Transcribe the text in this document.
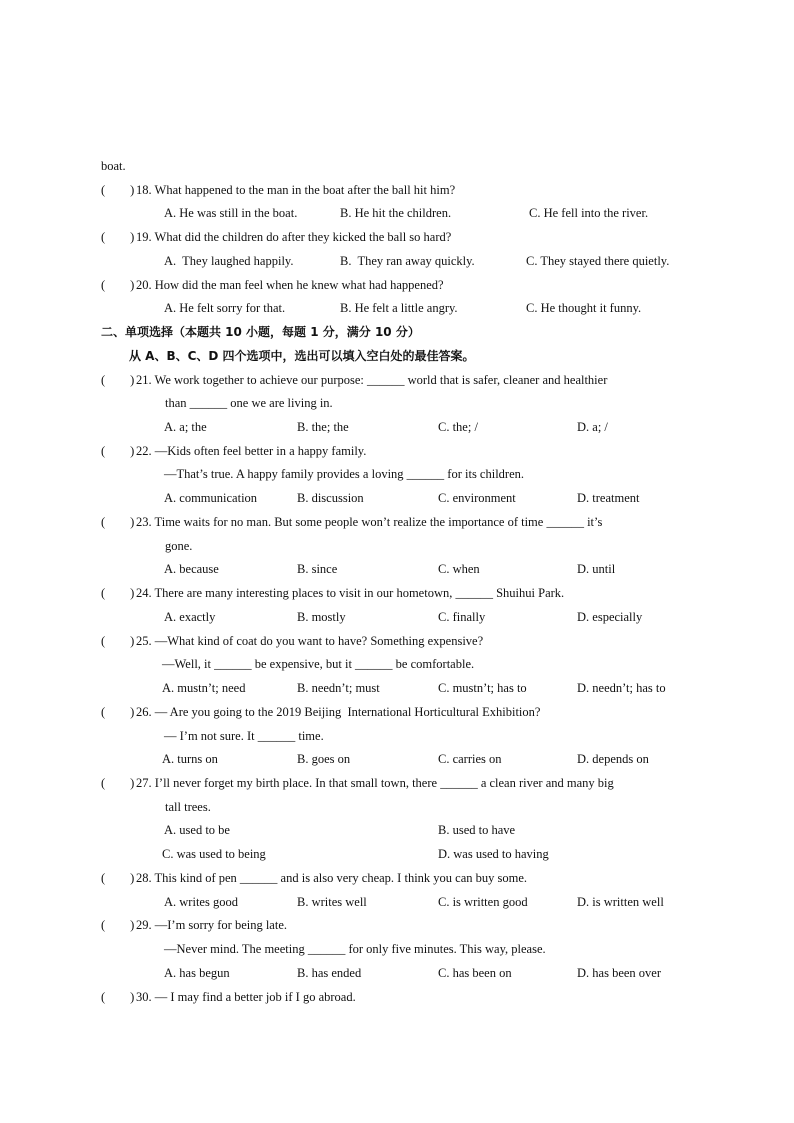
boat.
(        ) 18. What happened to the man in the boat after the ball hit him?
A. He was still in the boat.	B. He hit the children.	C. He fell into the river.
(        ) 19. What did the children do after they kicked the ball so hard?
A.  They laughed happily.	B.  They ran away quickly.	C. They stayed there quietly.
(        ) 20. How did the man feel when he knew what had happened?
A. He felt sorry for that.	B. He felt a little angry.	C. He thought it funny.
二、单项选择（本题共 10 小题，每题 1 分，满分 10 分）
从 A、B、C、D 四个选项中，选出可以填入空白处的最佳答案。
(        ) 21. We work together to achieve our purpose: ______ world that is safer, cleaner and healthier
than ______ one we are living in.
A. a; the	B. the; the	C. the; /	D. a; /
(        ) 22. —Kids often feel better in a happy family.
—That’s true. A happy family provides a loving ______ for its children.
A. communication	B. discussion	C. environment	D. treatment
(        ) 23. Time waits for no man. But some people won’t realize the importance of time ______ it’s
gone.
A. because	B. since	C. when	D. until
(        ) 24. There are many interesting places to visit in our hometown, ______ Shuihui Park.
A. exactly	B. mostly	C. finally	D. especially
(        ) 25. —What kind of coat do you want to have? Something expensive?
—Well, it ______ be expensive, but it ______ be comfortable.
A. mustn’t; need	B. needn’t; must	C. mustn’t; has to	D. needn’t; has to
(        ) 26. — Are you going to the 2019 Beijing  International Horticultural Exhibition?
— I’m not sure. It ______ time.
A. turns on	B. goes on	C. carries on	D. depends on
(        ) 27. I’ll never forget my birth place. In that small town, there ______ a clean river and many big
tall trees.
A. used to be	B. used to have
C. was used to being	D. was used to having
(        ) 28. This kind of pen ______ and is also very cheap. I think you can buy some.
A. writes good	B. writes well	C. is written good	D. is written well
(        ) 29. —I’m sorry for being late.
—Never mind. The meeting ______ for only five minutes. This way, please.
A. has begun	B. has ended	C. has been on	D. has been over
(        ) 30. — I may find a better job if I go abroad.
